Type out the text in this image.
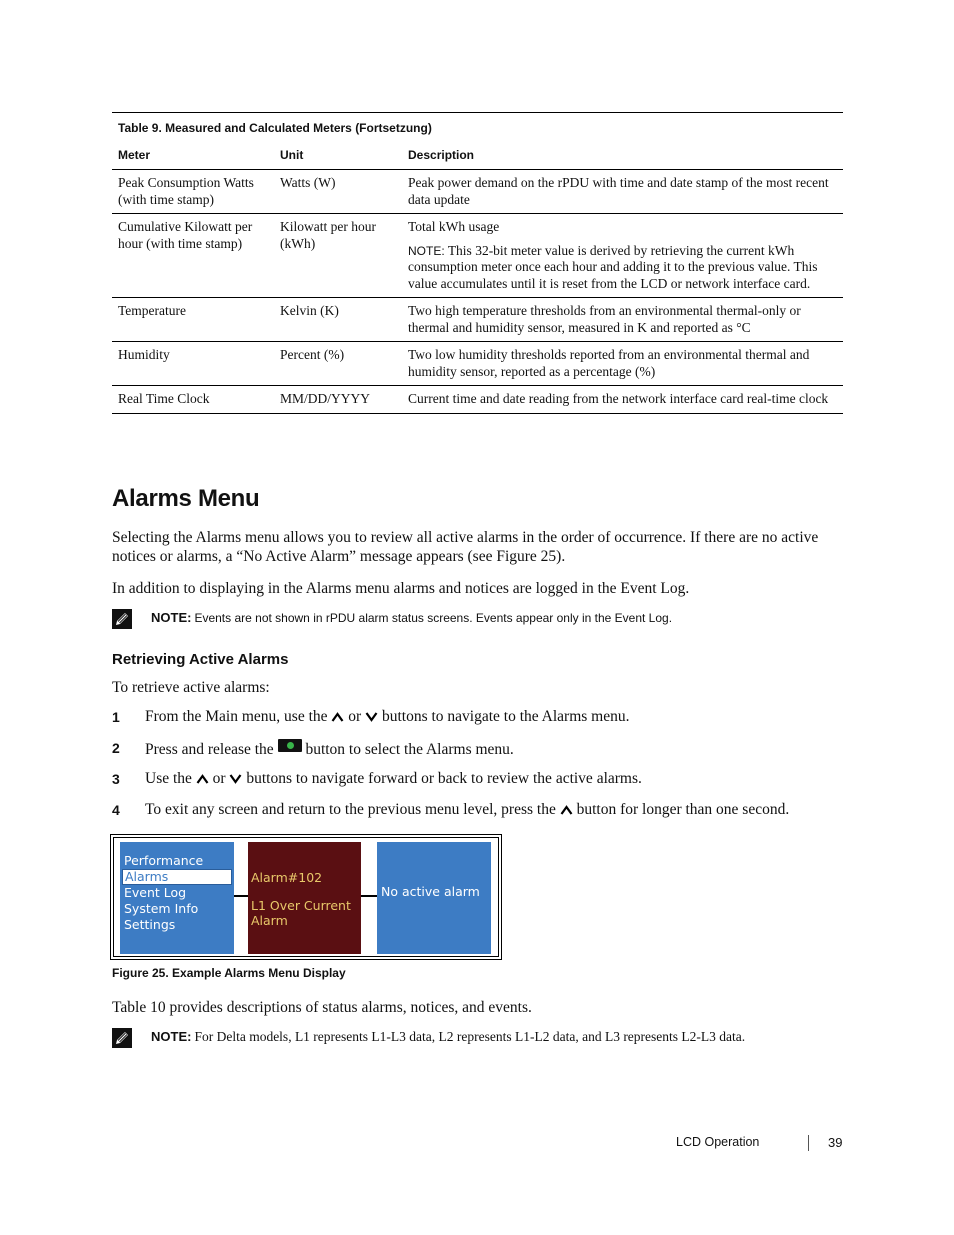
Table 9. Measured and Calculated Meters (Fortsetzung)
Meter	Unit	Description
Peak Consumption Watts (with time stamp)	Watts (W)	Peak power demand on the rPDU with time and date stamp of the most recent data update
Cumulative Kilowatt per hour (with time stamp)	Kilowatt per hour (kWh)	Total kWh usage

NOTE: This 32-bit meter value is derived by retrieving the current kWh consumption meter once each hour and adding it to the previous value. This value accumulates until it is reset from the LCD or network interface card.

Temperature	Kelvin (K)	Two high temperature thresholds from an environmental thermal-only or thermal and humidity sensor, measured in K and reported as °C
Humidity	Percent (%)	Two low humidity thresholds reported from an environmental thermal and humidity sensor, reported as a percentage (%)
Real Time Clock	MM/DD/YYYY	Current time and date reading from the network interface card real-time clock
Alarms Menu

Selecting the Alarms menu allows you to review all active alarms in the order of occurrence. If there are no active notices or alarms, a “No Active Alarm” message appears (see Figure 25).

In addition to displaying in the Alarms menu alarms and notices are logged in the Event Log.

NOTE: Events are not shown in rPDU alarm status screens. Events appear only in the Event Log.
Retrieving Active Alarms

To retrieve active alarms:

1 From the Main menu, use the or buttons to navigate to the Alarms menu.
2 Press and release the button to select the Alarms menu.
3 Use the or buttons to navigate forward or back to review the active alarms.
4 To exit any screen and return to the previous menu level, press the button for longer than one second.
Performance
Alarms
Event Log
System Info
Settings
Alarm#102
L1 Over Current
Alarm
No active alarm
Figure 25. Example Alarms Menu Display

Table 10 provides descriptions of status alarms, notices, and events.

NOTE: For Delta models, L1 represents L1-L3 data, L2 represents L1-L2 data, and L3 represents L2-L3 data.
LCD Operation	39
